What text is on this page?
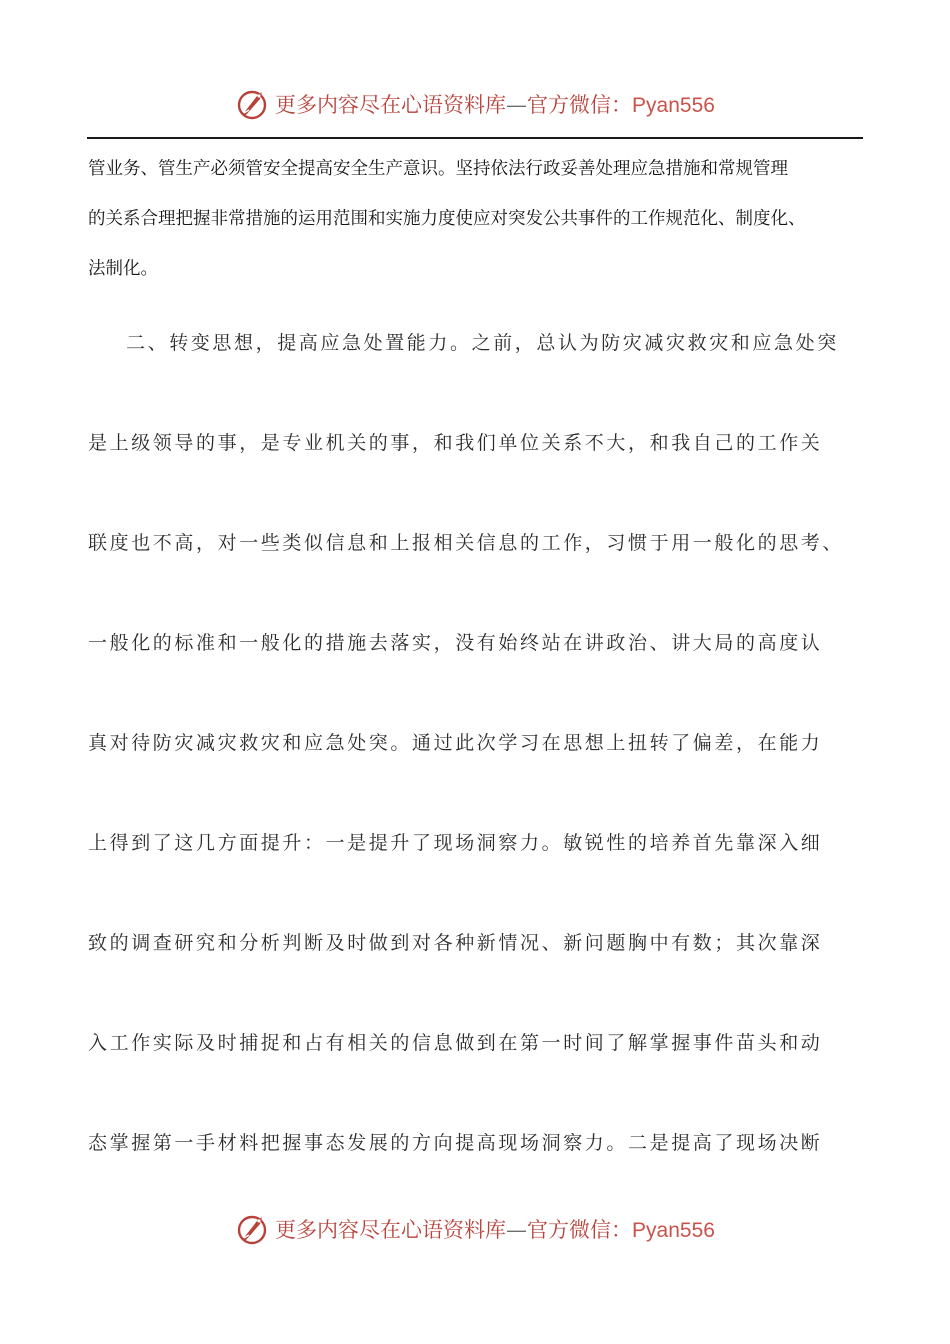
更多内容尽在心语资料库—官方微信：Pyan556

管业务、管生产必须管安全提高安全生产意识。坚持依法行政妥善处理应急措施和常规管理
的关系合理把握非常措施的运用范围和实施力度使应对突发公共事件的工作规范化、制度化、
法制化。

二、转变思想，提高应急处置能力。之前，总认为防灾减灾救灾和应急处突
是上级领导的事，是专业机关的事，和我们单位关系不大，和我自己的工作关
联度也不高，对一些类似信息和上报相关信息的工作，习惯于用一般化的思考、
一般化的标准和一般化的措施去落实，没有始终站在讲政治、讲大局的高度认
真对待防灾减灾救灾和应急处突。通过此次学习在思想上扭转了偏差，在能力
上得到了这几方面提升：一是提升了现场洞察力。敏锐性的培养首先靠深入细
致的调查研究和分析判断及时做到对各种新情况、新问题胸中有数；其次靠深
入工作实际及时捕捉和占有相关的信息做到在第一时间了解掌握事件苗头和动
态掌握第一手材料把握事态发展的方向提高现场洞察力。二是提高了现场决断

更多内容尽在心语资料库—官方微信：Pyan556
